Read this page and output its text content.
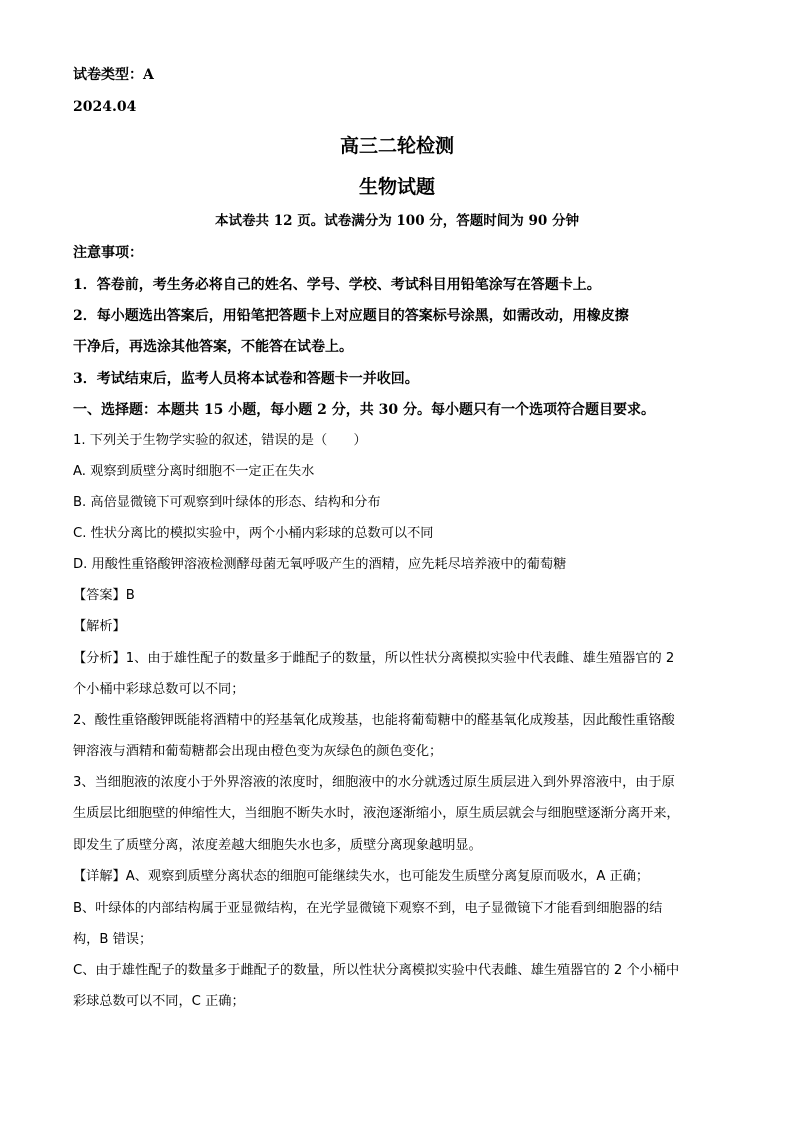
试卷类型：A
2024.04
高三二轮检测
生物试题
本试卷共 12 页。试卷满分为 100 分，答题时间为 90 分钟
注意事项：
1．答卷前，考生务必将自己的姓名、学号、学校、考试科目用铅笔涂写在答题卡上。
2．每小题选出答案后，用铅笔把答题卡上对应题目的答案标号涂黑，如需改动，用橡皮擦
干净后，再选涂其他答案，不能答在试卷上。
3．考试结束后，监考人员将本试卷和答题卡一并收回。
一、选择题：本题共 15 小题，每小题 2 分，共 30 分。每小题只有一个选项符合题目要求。
1. 下列关于生物学实验的叙述，错误的是（　　）
A. 观察到质壁分离时细胞不一定正在失水
B. 高倍显微镜下可观察到叶绿体的形态、结构和分布
C. 性状分离比的模拟实验中，两个小桶内彩球的总数可以不同
D. 用酸性重铬酸钾溶液检测酵母菌无氧呼吸产生的酒精，应先耗尽培养液中的葡萄糖
【答案】B
【解析】
【分析】1、由于雄性配子的数量多于雌配子的数量，所以性状分离模拟实验中代表雌、雄生殖器官的 2
个小桶中彩球总数可以不同；
2、酸性重铬酸钾既能将酒精中的羟基氧化成羧基，也能将葡萄糖中的醛基氧化成羧基，因此酸性重铬酸
钾溶液与酒精和葡萄糖都会出现由橙色变为灰绿色的颜色变化；
3、当细胞液的浓度小于外界溶液的浓度时，细胞液中的水分就透过原生质层进入到外界溶液中，由于原
生质层比细胞壁的伸缩性大，当细胞不断失水时，液泡逐渐缩小，原生质层就会与细胞壁逐渐分离开来，
即发生了质壁分离，浓度差越大细胞失水也多，质壁分离现象越明显。
【详解】A、观察到质壁分离状态的细胞可能继续失水，也可能发生质壁分离复原而吸水，A 正确；
B、叶绿体的内部结构属于亚显微结构，在光学显微镜下观察不到，电子显微镜下才能看到细胞器的结
构，B 错误；
C、由于雄性配子的数量多于雌配子的数量，所以性状分离模拟实验中代表雌、雄生殖器官的 2 个小桶中
彩球总数可以不同，C 正确；
